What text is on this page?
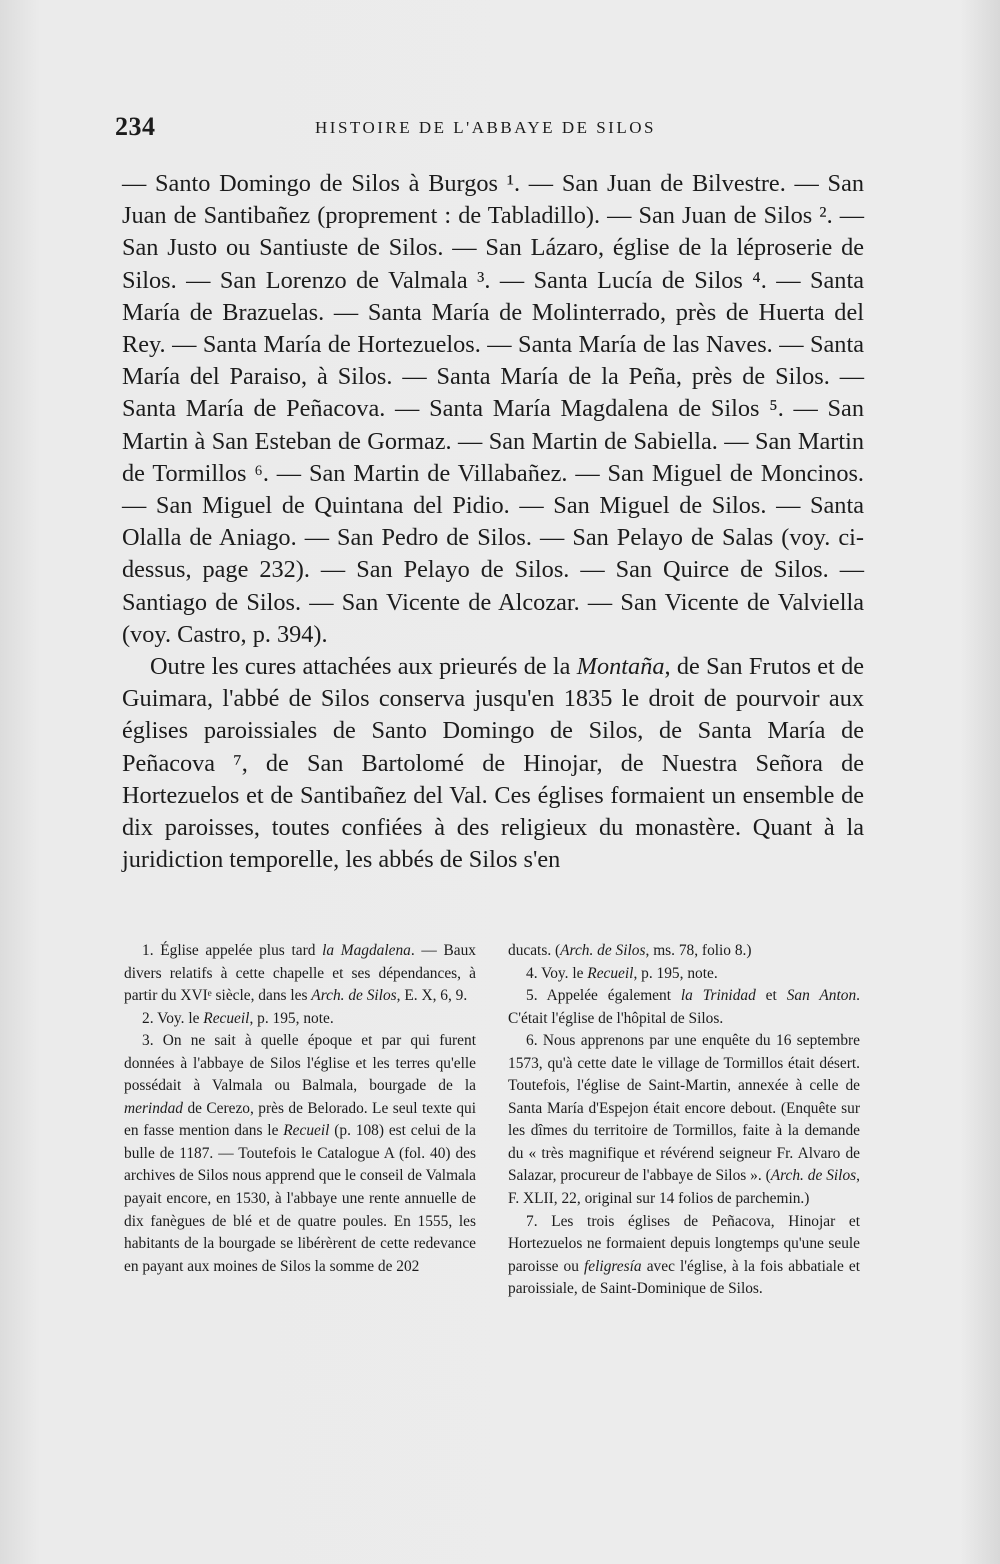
234	HISTOIRE DE L'ABBAYE DE SILOS

— Santo Domingo de Silos à Burgos ¹. — San Juan de Bilvestre. — San Juan de Santibañez (proprement : de Tabladillo). — San Juan de Silos ². — San Justo ou Santiuste de Silos. — San Lázaro, église de la léproserie de Silos. — San Lorenzo de Valmala ³. — Santa Lucía de Silos ⁴. — Santa María de Brazuelas. — Santa María de Molinterrado, près de Huerta del Rey. — Santa María de Hortezuelos. — Santa María de las Naves. — Santa María del Paraiso, à Silos. — Santa María de la Peña, près de Silos. — Santa María de Peñacova. — Santa María Magdalena de Silos ⁵. — San Martin à San Esteban de Gormaz. — San Martin de Sabiella. — San Martin de Tormillos ⁶. — San Martin de Villabañez. — San Miguel de Moncinos. — San Miguel de Quintana del Pidio. — San Miguel de Silos. — Santa Olalla de Aniago. — San Pedro de Silos. — San Pelayo de Salas (voy. ci-dessus, page 232). — San Pelayo de Silos. — San Quirce de Silos. — Santiago de Silos. — San Vicente de Alcozar. — San Vicente de Valviella (voy. Castro, p. 394).

Outre les cures attachées aux prieurés de la Montaña, de San Frutos et de Guimara, l'abbé de Silos conserva jusqu'en 1835 le droit de pourvoir aux églises paroissiales de Santo Domingo de Silos, de Santa María de Peñacova ⁷, de San Bartolomé de Hinojar, de Nuestra Señora de Hortezuelos et de Santibañez del Val. Ces églises formaient un ensemble de dix paroisses, toutes confiées à des religieux du monastère. Quant à la juridiction temporelle, les abbés de Silos s'en

1. Église appelée plus tard la Magdalena. — Baux divers relatifs à cette chapelle et ses dépendances, à partir du XVIᵉ siècle, dans les Arch. de Silos, E. X, 6, 9.

2. Voy. le Recueil, p. 195, note.

3. On ne sait à quelle époque et par qui furent données à l'abbaye de Silos l'église et les terres qu'elle possédait à Valmala ou Balmala, bourgade de la merindad de Cerezo, près de Belorado. Le seul texte qui en fasse mention dans le Recueil (p. 108) est celui de la bulle de 1187. — Toutefois le Catalogue A (fol. 40) des archives de Silos nous apprend que le conseil de Valmala payait encore, en 1530, à l'abbaye une rente annuelle de dix fanègues de blé et de quatre poules. En 1555, les habitants de la bourgade se libérèrent de cette redevance en payant aux moines de Silos la somme de 202

ducats. (Arch. de Silos, ms. 78, folio 8.)

4. Voy. le Recueil, p. 195, note.

5. Appelée également la Trinidad et San Anton. C'était l'église de l'hôpital de Silos.

6. Nous apprenons par une enquête du 16 septembre 1573, qu'à cette date le village de Tormillos était désert. Toutefois, l'église de Saint-Martin, annexée à celle de Santa María d'Espejon était encore debout. (Enquête sur les dîmes du territoire de Tormillos, faite à la demande du « très magnifique et révérend seigneur Fr. Alvaro de Salazar, procureur de l'abbaye de Silos ». (Arch. de Silos, F. XLII, 22, original sur 14 folios de parchemin.)

7. Les trois églises de Peñacova, Hinojar et Hortezuelos ne formaient depuis longtemps qu'une seule paroisse ou feligresía avec l'église, à la fois abbatiale et paroissiale, de Saint-Dominique de Silos.
